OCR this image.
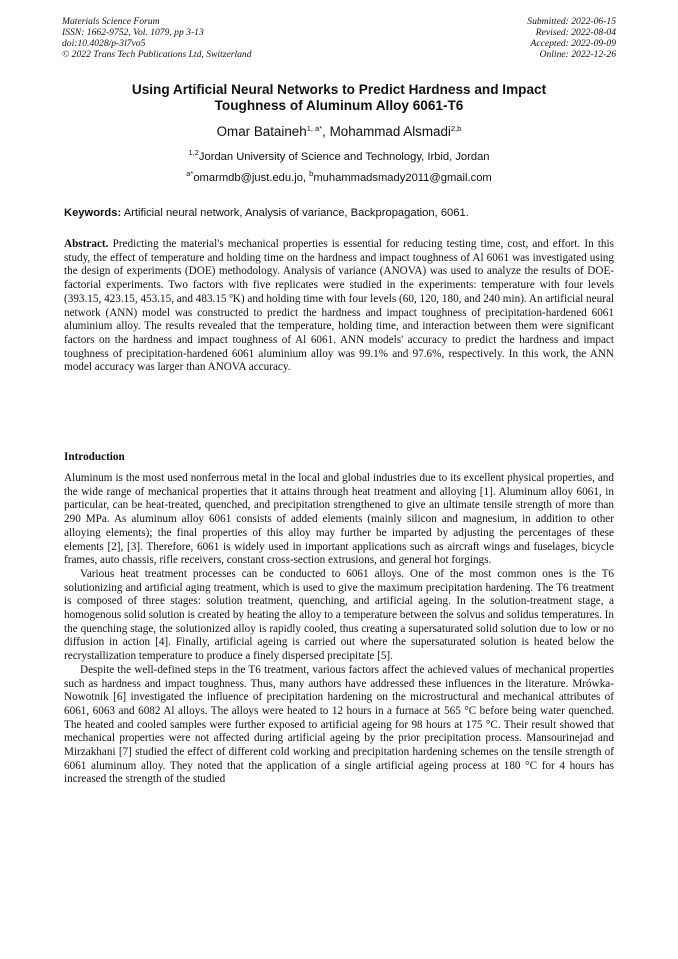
Materials Science Forum
ISSN: 1662-9752, Vol. 1079, pp 3-13
doi:10.4028/p-3l7vo5
© 2022 Trans Tech Publications Ltd, Switzerland
Submitted: 2022-06-15
Revised: 2022-08-04
Accepted: 2022-09-09
Online: 2022-12-26
Using Artificial Neural Networks to Predict Hardness and Impact
Toughness of Aluminum Alloy 6061-T6
Omar Bataineh$^{1, a*}$, Mohammad Alsmadi$^{2,b}$
$^{1,2}$Jordan University of Science and Technology, Irbid, Jordan
$^{a*}$omarmdb@just.edu.jo, $^b$muhammadsmady2011@gmail.com
Keywords: Artificial neural network, Analysis of variance, Backpropagation, 6061.
Abstract. Predicting the material's mechanical properties is essential for reducing testing time, cost, and effort. In this study, the effect of temperature and holding time on the hardness and impact toughness of Al 6061 was investigated using the design of experiments (DOE) methodology. Analysis of variance (ANOVA) was used to analyze the results of DOE-factorial experiments. Two factors with five replicates were studied in the experiments: temperature with four levels (393.15, 423.15, 453.15, and 483.15 ºK) and holding time with four levels (60, 120, 180, and 240 min). An artificial neural network (ANN) model was constructed to predict the hardness and impact toughness of precipitation-hardened 6061 aluminium alloy. The results revealed that the temperature, holding time, and interaction between them were significant factors on the hardness and impact toughness of Al 6061. ANN models' accuracy to predict the hardness and impact toughness of precipitation-hardened 6061 aluminium alloy was 99.1% and 97.6%, respectively. In this work, the ANN model accuracy was larger than ANOVA accuracy.
Introduction

Aluminum is the most used nonferrous metal in the local and global industries due to its excellent physical properties, and the wide range of mechanical properties that it attains through heat treatment and alloying [1]. Aluminum alloy 6061, in particular, can be heat-treated, quenched, and precipitation strengthened to give an ultimate tensile strength of more than 290 MPa. As aluminum alloy 6061 consists of added elements (mainly silicon and magnesium, in addition to other alloying elements); the final properties of this alloy may further be imparted by adjusting the percentages of these elements [2], [3]. Therefore, 6061 is widely used in important applications such as aircraft wings and fuselages, bicycle frames, auto chassis, rifle receivers, constant cross-section extrusions, and general hot forgings.

Various heat treatment processes can be conducted to 6061 alloys. One of the most common ones is the T6 solutionizing and artificial aging treatment, which is used to give the maximum precipitation hardening. The T6 treatment is composed of three stages: solution treatment, quenching, and artificial ageing. In the solution-treatment stage, a homogenous solid solution is created by heating the alloy to a temperature between the solvus and solidus temperatures. In the quenching stage, the solutionized alloy is rapidly cooled, thus creating a supersaturated solid solution due to low or no diffusion in action [4]. Finally, artificial ageing is carried out where the supersaturated solution is heated below the recrystallization temperature to produce a finely dispersed precipitate [5].

Despite the well-defined steps in the T6 treatment, various factors affect the achieved values of mechanical properties such as hardness and impact toughness. Thus, many authors have addressed these influences in the literature. Mrówka-Nowotnik [6] investigated the influence of precipitation hardening on the microstructural and mechanical attributes of 6061, 6063 and 6082 Al alloys. The alloys were heated to 12 hours in a furnace at 565 °C before being water quenched. The heated and cooled samples were further exposed to artificial ageing for 98 hours at 175 °C. Their result showed that mechanical properties were not affected during artificial ageing by the prior precipitation process. Mansourinejad and Mirzakhani [7] studied the effect of different cold working and precipitation hardening schemes on the tensile strength of 6061 aluminum alloy. They noted that the application of a single artificial ageing process at 180 °C for 4 hours has increased the strength of the studied
